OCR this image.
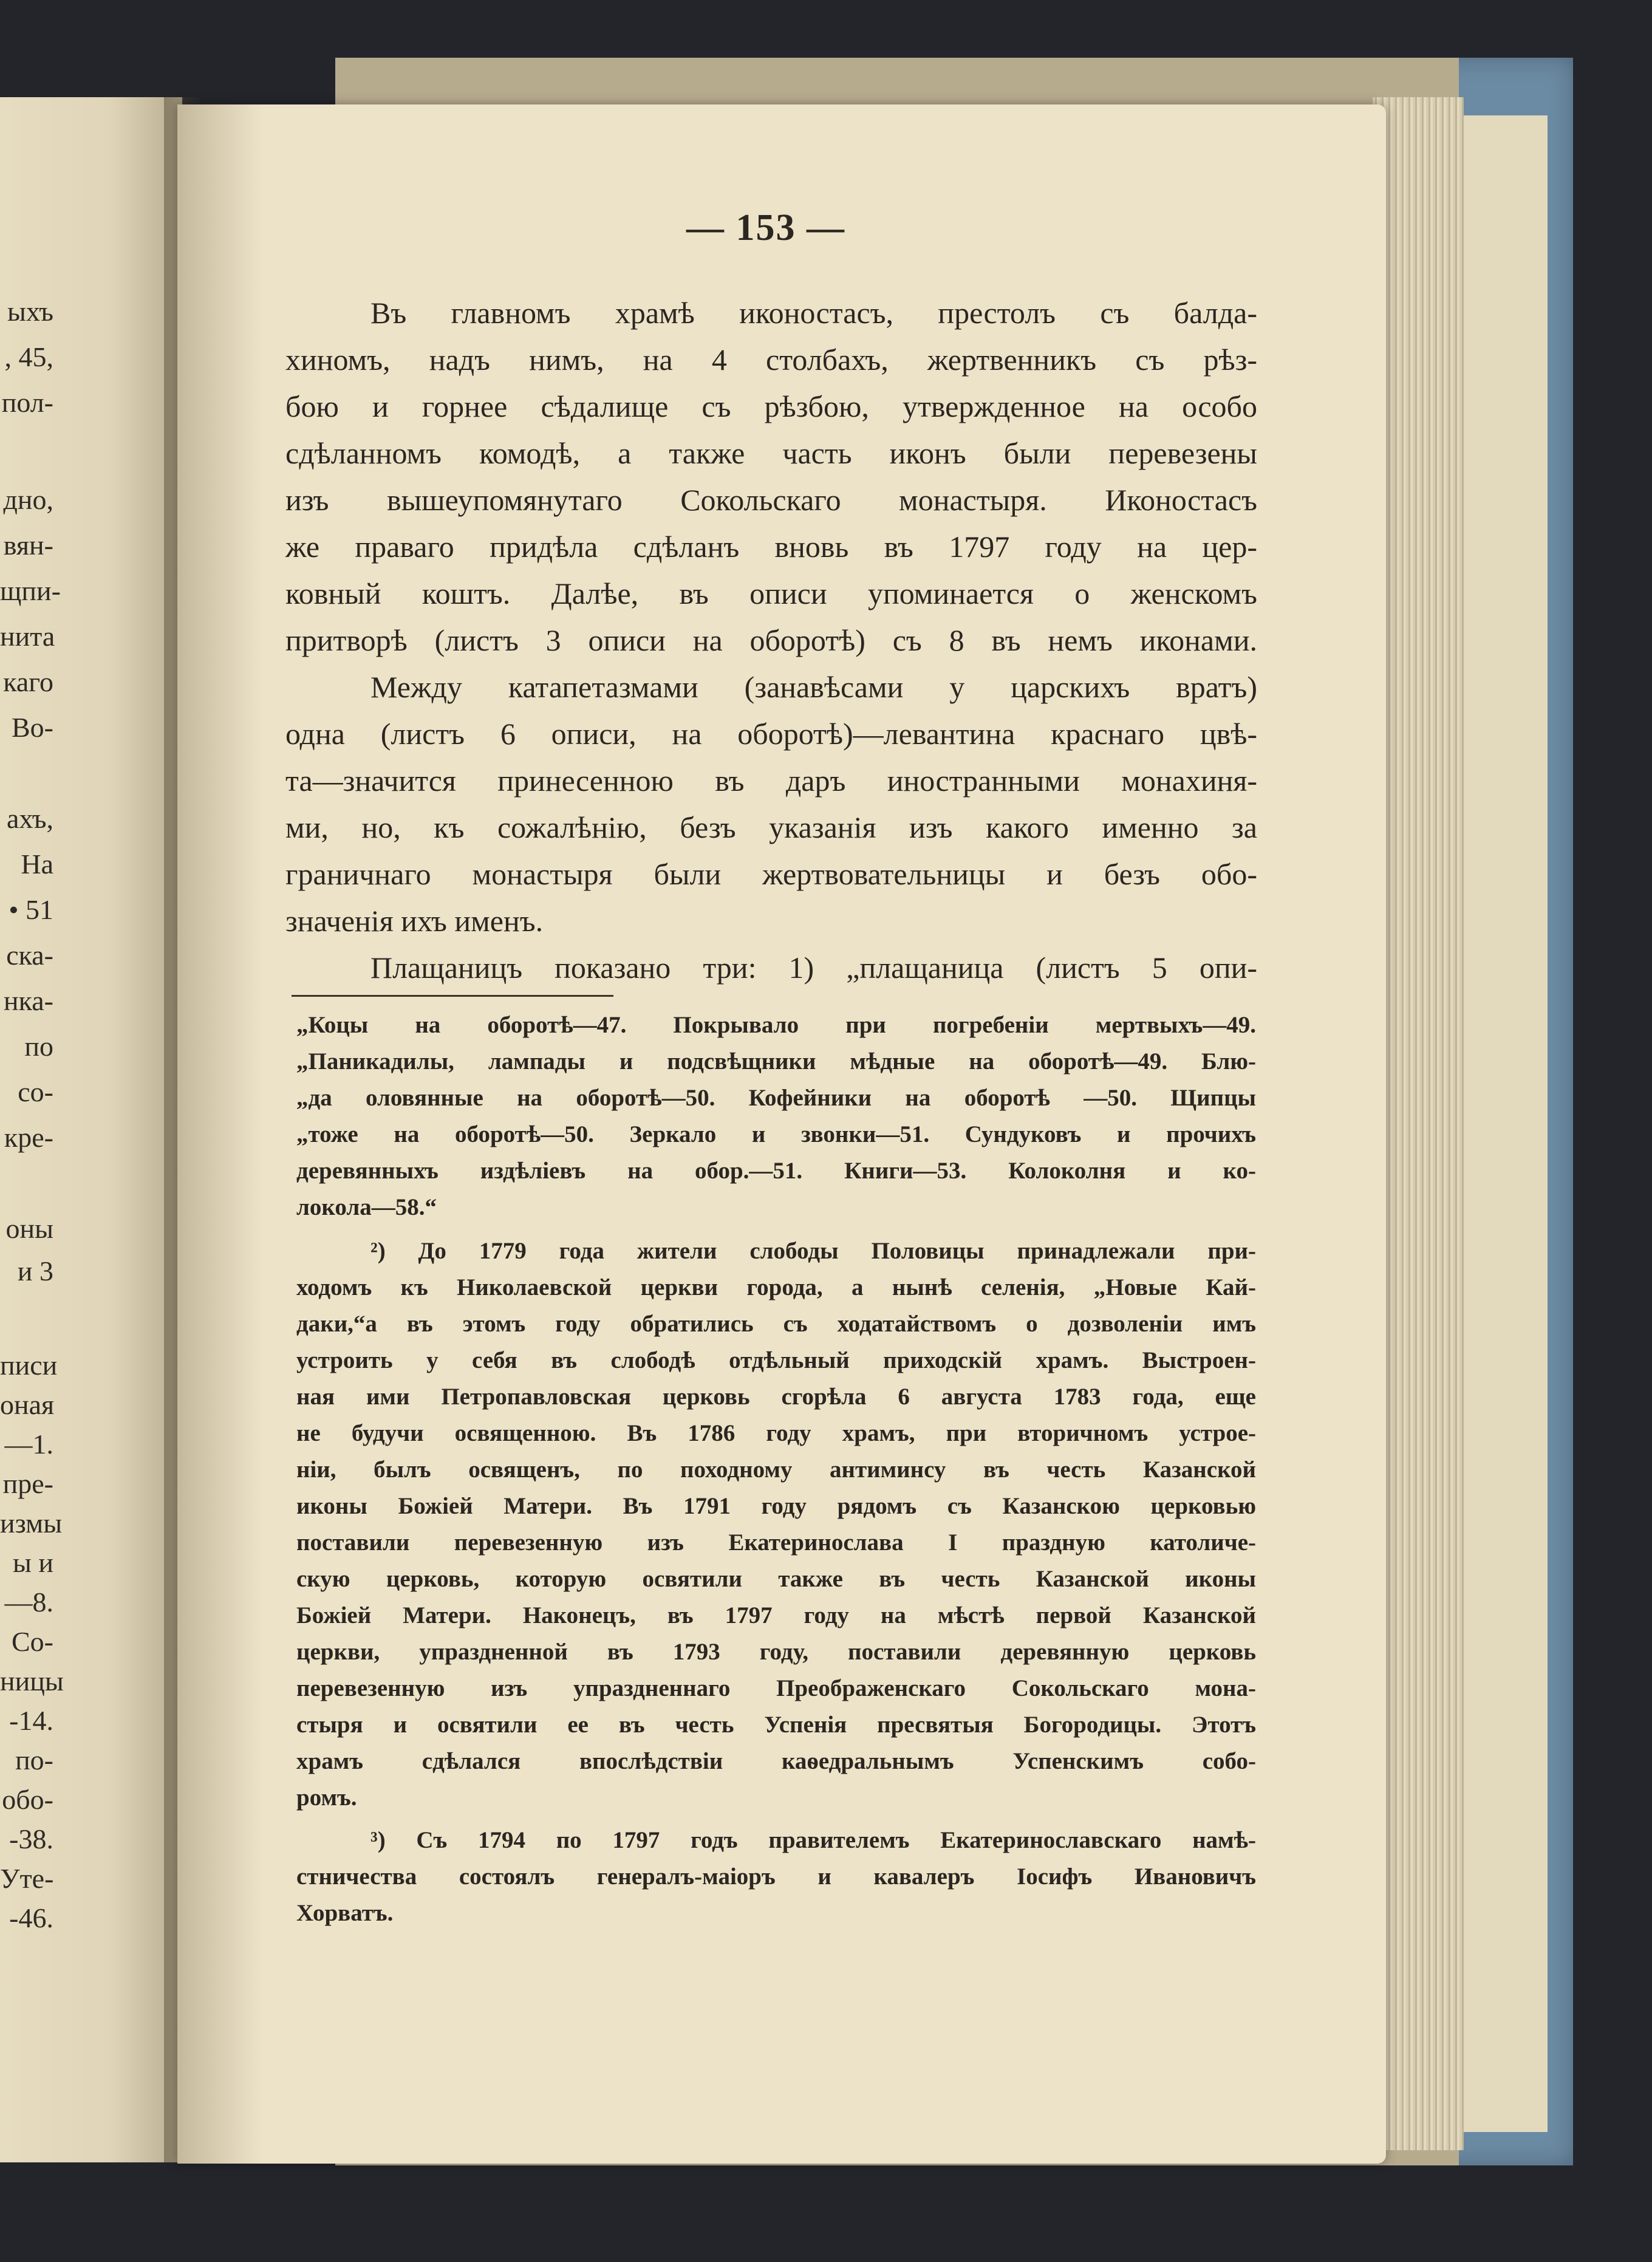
ыхъ
, 45,
пол-
дно,
вян-
щпи-
нита
каго
Во-
ахъ,
На
• 51
ска-
нка-
по
со-
кре-
оны
и 3
писи
оная
—1.
пре-
измы
ы и
—8.
Со-
ницы
-14.
по-
обо-
-38.
Уте-
-46.
— 153 —
Въ главномъ храмѣ иконостасъ, престолъ съ балда-
хиномъ, надъ нимъ, на 4 столбахъ, жертвенникъ съ рѣз-
бою и горнее сѣдалище съ рѣзбою, утвержденное на особо
сдѣланномъ комодѣ, а также часть иконъ были перевезены
изъ вышеупомянутаго Сокольскаго монастыря. Иконостасъ
же праваго придѣла сдѣланъ вновь въ 1797 году на цер-
ковный коштъ. Далѣе, въ описи упоминается о женскомъ
притворѣ (листъ 3 описи на оборотѣ) съ 8 въ немъ иконами.
Между катапетазмами (занавѣсами у царскихъ вратъ)
одна (листъ 6 описи, на оборотѣ)—левантина краснаго цвѣ-
та—значится принесенною въ даръ иностранными монахиня-
ми, но, къ сожалѣнію, безъ указанія изъ какого именно за
граничнаго монастыря были жертвовательницы и безъ обо-
значенія ихъ именъ.
Плащаницъ показано три: 1) „плащаница (листъ 5 опи-
„Коцы на оборотѣ—47. Покрывало при погребеніи мертвыхъ—49.
„Паникадилы, лампады и подсвѣщники мѣдные на оборотѣ—49. Блю-
„да оловянные на оборотѣ—50. Кофейники на оборотѣ —50. Щипцы
„тоже на оборотѣ—50. Зеркало и звонки—51. Сундуковъ и прочихъ
деревянныхъ издѣліевъ на обор.—51. Книги—53. Колоколня и ко-
локола—58.“
²) До 1779 года жители слободы Половицы принадлежали при-
ходомъ къ Николаевской церкви города, а нынѣ селенія, „Новые Кай-
даки,“а въ этомъ году обратились съ ходатайствомъ о дозволеніи имъ
устроить у себя въ слободѣ отдѣльный приходскій храмъ. Выстроен-
ная ими Петропавловская церковь сгорѣла 6 августа 1783 года, еще
не будучи освященною. Въ 1786 году храмъ, при вторичномъ устрое-
ніи, былъ освященъ, по походному антиминсу въ честь Казанской
иконы Божіей Матери. Въ 1791 году рядомъ съ Казанскою церковью
поставили перевезенную изъ Екатеринослава I праздную католиче-
скую церковь, которую освятили также въ честь Казанской иконы
Божіей Матери. Наконецъ, въ 1797 году на мѣстѣ первой Казанской
церкви, упраздненной въ 1793 году, поставили деревянную церковь
перевезенную изъ упраздненнаго Преображенскаго Сокольскаго мона-
стыря и освятили ее въ честь Успенія пресвятыя Богородицы. Этотъ
храмъ сдѣлался впослѣдствіи каѳедральнымъ Успенскимъ собо-
ромъ.
³) Съ 1794 по 1797 годъ правителемъ Екатеринославскаго намѣ-
стничества состоялъ генералъ-маіоръ и кавалеръ Іосифъ Ивановичъ
Хорватъ.
